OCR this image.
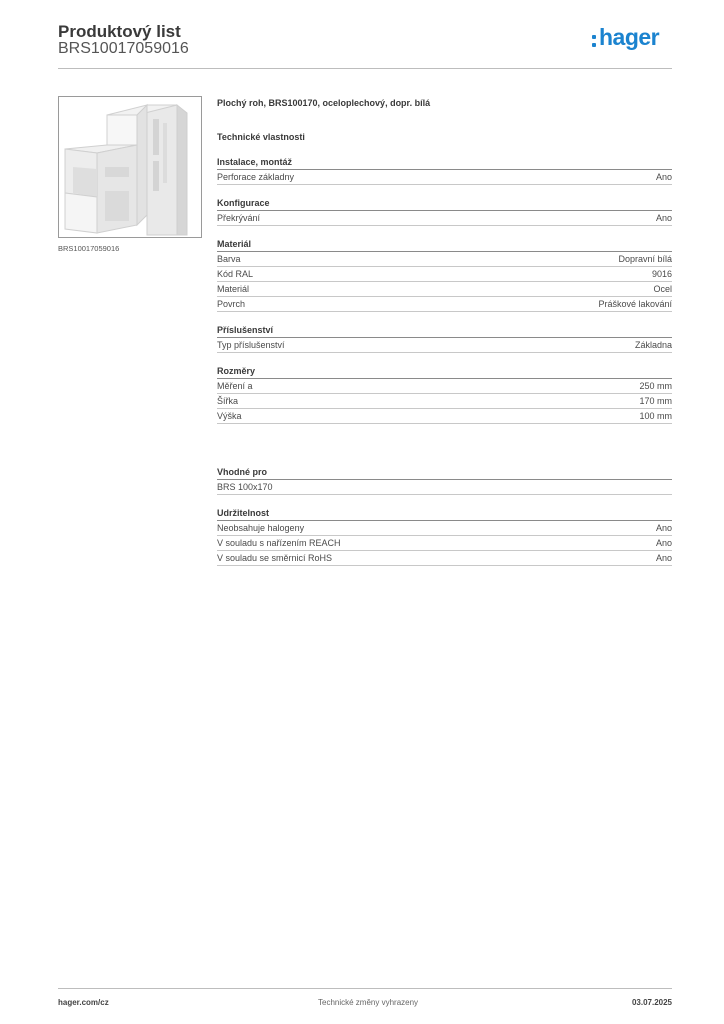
Produktový list
BRS10017059016	hager
BRS10017059016
Plochý roh, BRS100170, oceloplechový, dopr. bílá
Technické vlastnosti
Instalace, montáž
Perforace základny	Ano
Konfigurace
Překrývání	Ano
Materiál
Barva	Dopravní bílá
Kód RAL	9016
Materiál	Ocel
Povrch	Práškové lakování
Příslušenství
Typ příslušenství	Základna
Rozměry
Měření a	250 mm
Šířka	170 mm
Výška	100 mm
Vhodné pro
BRS 100x170
Udržitelnost
Neobsahuje halogeny	Ano
V souladu s nařízením REACH	Ano
V souladu se směrnicí RoHS	Ano
hager.com/cz	Technické změny vyhrazeny	03.07.2025
